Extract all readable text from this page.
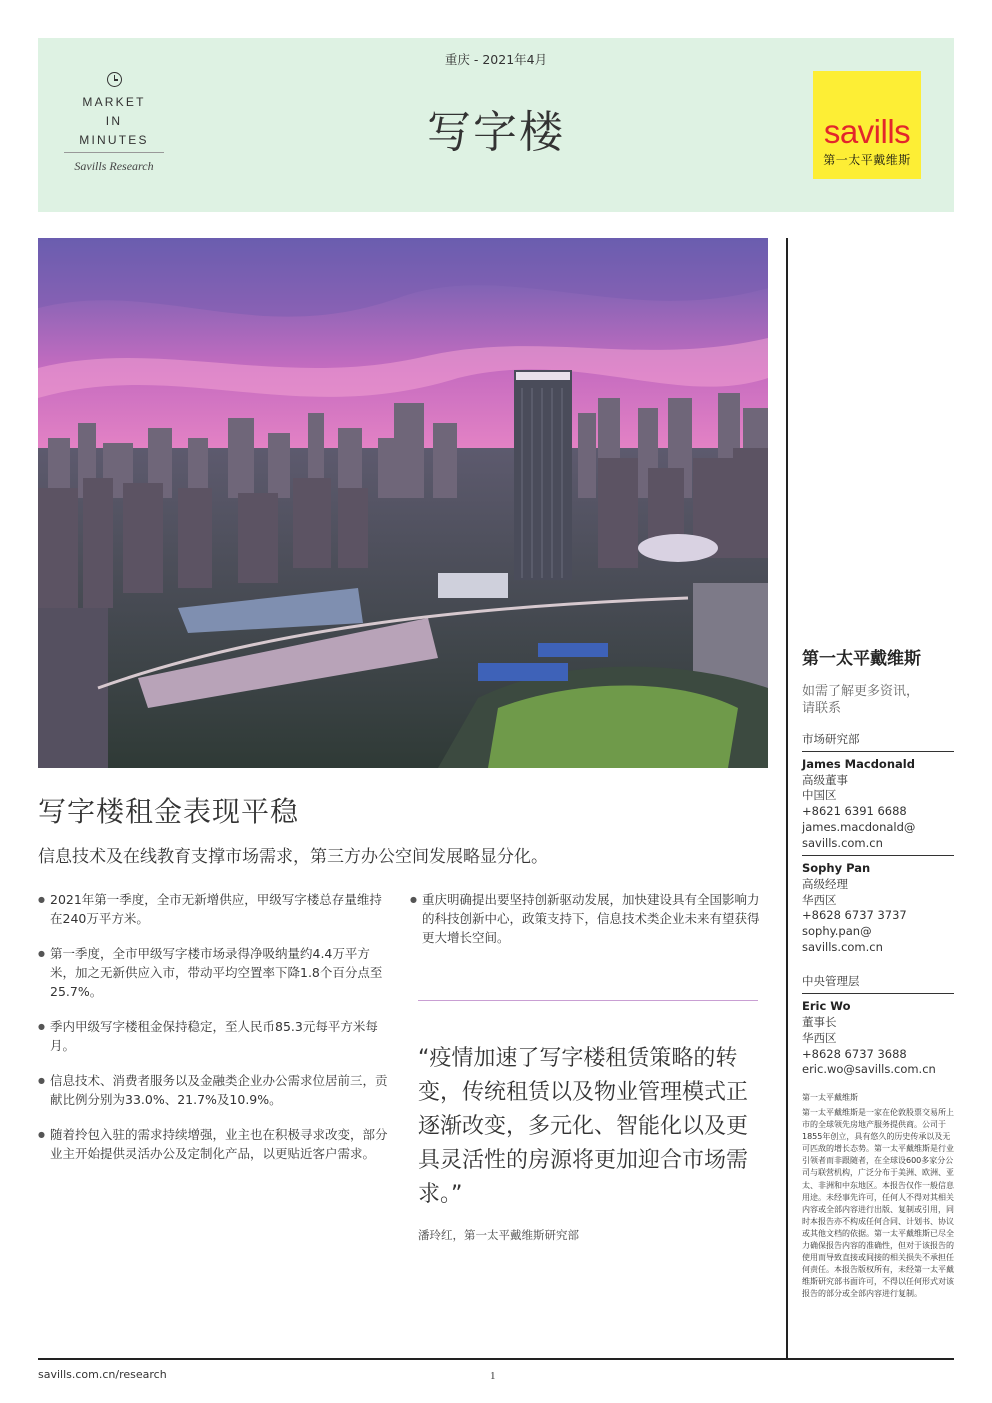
MARKET
IN
MINUTES
Savills Research
重庆 - 2021年4月
写字楼	savills
第一太平戴维斯
写字楼租金表现平稳
信息技术及在线教育支撑市场需求，第三方办公空间发展略显分化。
● 2021年第一季度，全市无新增供应，甲级写字楼总存量维持在240万平方米。
● 第一季度，全市甲级写字楼市场录得净吸纳量约4.4万平方米，加之无新供应入市，带动平均空置率下降1.8个百分点至25.7%。
● 季内甲级写字楼租金保持稳定，至人民币85.3元每平方米每月。
● 信息技术、消费者服务以及金融类企业办公需求位居前三，贡献比例分别为33.0%、21.7%及10.9%。
● 随着拎包入驻的需求持续增强，业主也在积极寻求改变，部分业主开始提供灵活办公及定制化产品，以更贴近客户需求。
● 重庆明确提出要坚持创新驱动发展，加快建设具有全国影响力的科技创新中心，政策支持下，信息技术类企业未来有望获得更大增长空间。
“疫情加速了写字楼租赁策略的转变，传统租赁以及物业管理模式正逐渐改变，多元化、智能化以及更具灵活性的房源将更加迎合市场需求。”
潘玲红，第一太平戴维斯研究部
第一太平戴维斯
如需了解更多资讯，请联系
市场研究部
James Macdonald
高级董事
中国区
+8621 6391 6688
james.macdonald@
savills.com.cn
Sophy Pan
高级经理
华西区
+8628 6737 3737
sophy.pan@
savills.com.cn
中央管理层
Eric Wo
董事长
华西区
+8628 6737 3688
eric.wo@savills.com.cn
第一太平戴维斯
第一太平戴维斯是一家在伦敦股票交易所上市的全球领先房地产服务提供商。公司于1855年创立，具有悠久的历史传承以及无可匹敌的增长态势。第一太平戴维斯是行业引领者而非跟随者，在全球设600多家分公司与联营机构，广泛分布于美洲、欧洲、亚太、非洲和中东地区。本报告仅作一般信息用途。未经事先许可，任何人不得对其相关内容或全部内容进行出版、复制或引用，同时本报告亦不构成任何合同、计划书、协议或其他文档的依据。第一太平戴维斯已尽全力确保报告内容的准确性，但对于该报告的使用而导致直接或间接的相关损失不承担任何责任。本报告版权所有，未经第一太平戴维斯研究部书面许可，不得以任何形式对该报告的部分或全部内容进行复制。
savills.com.cn/research	1
